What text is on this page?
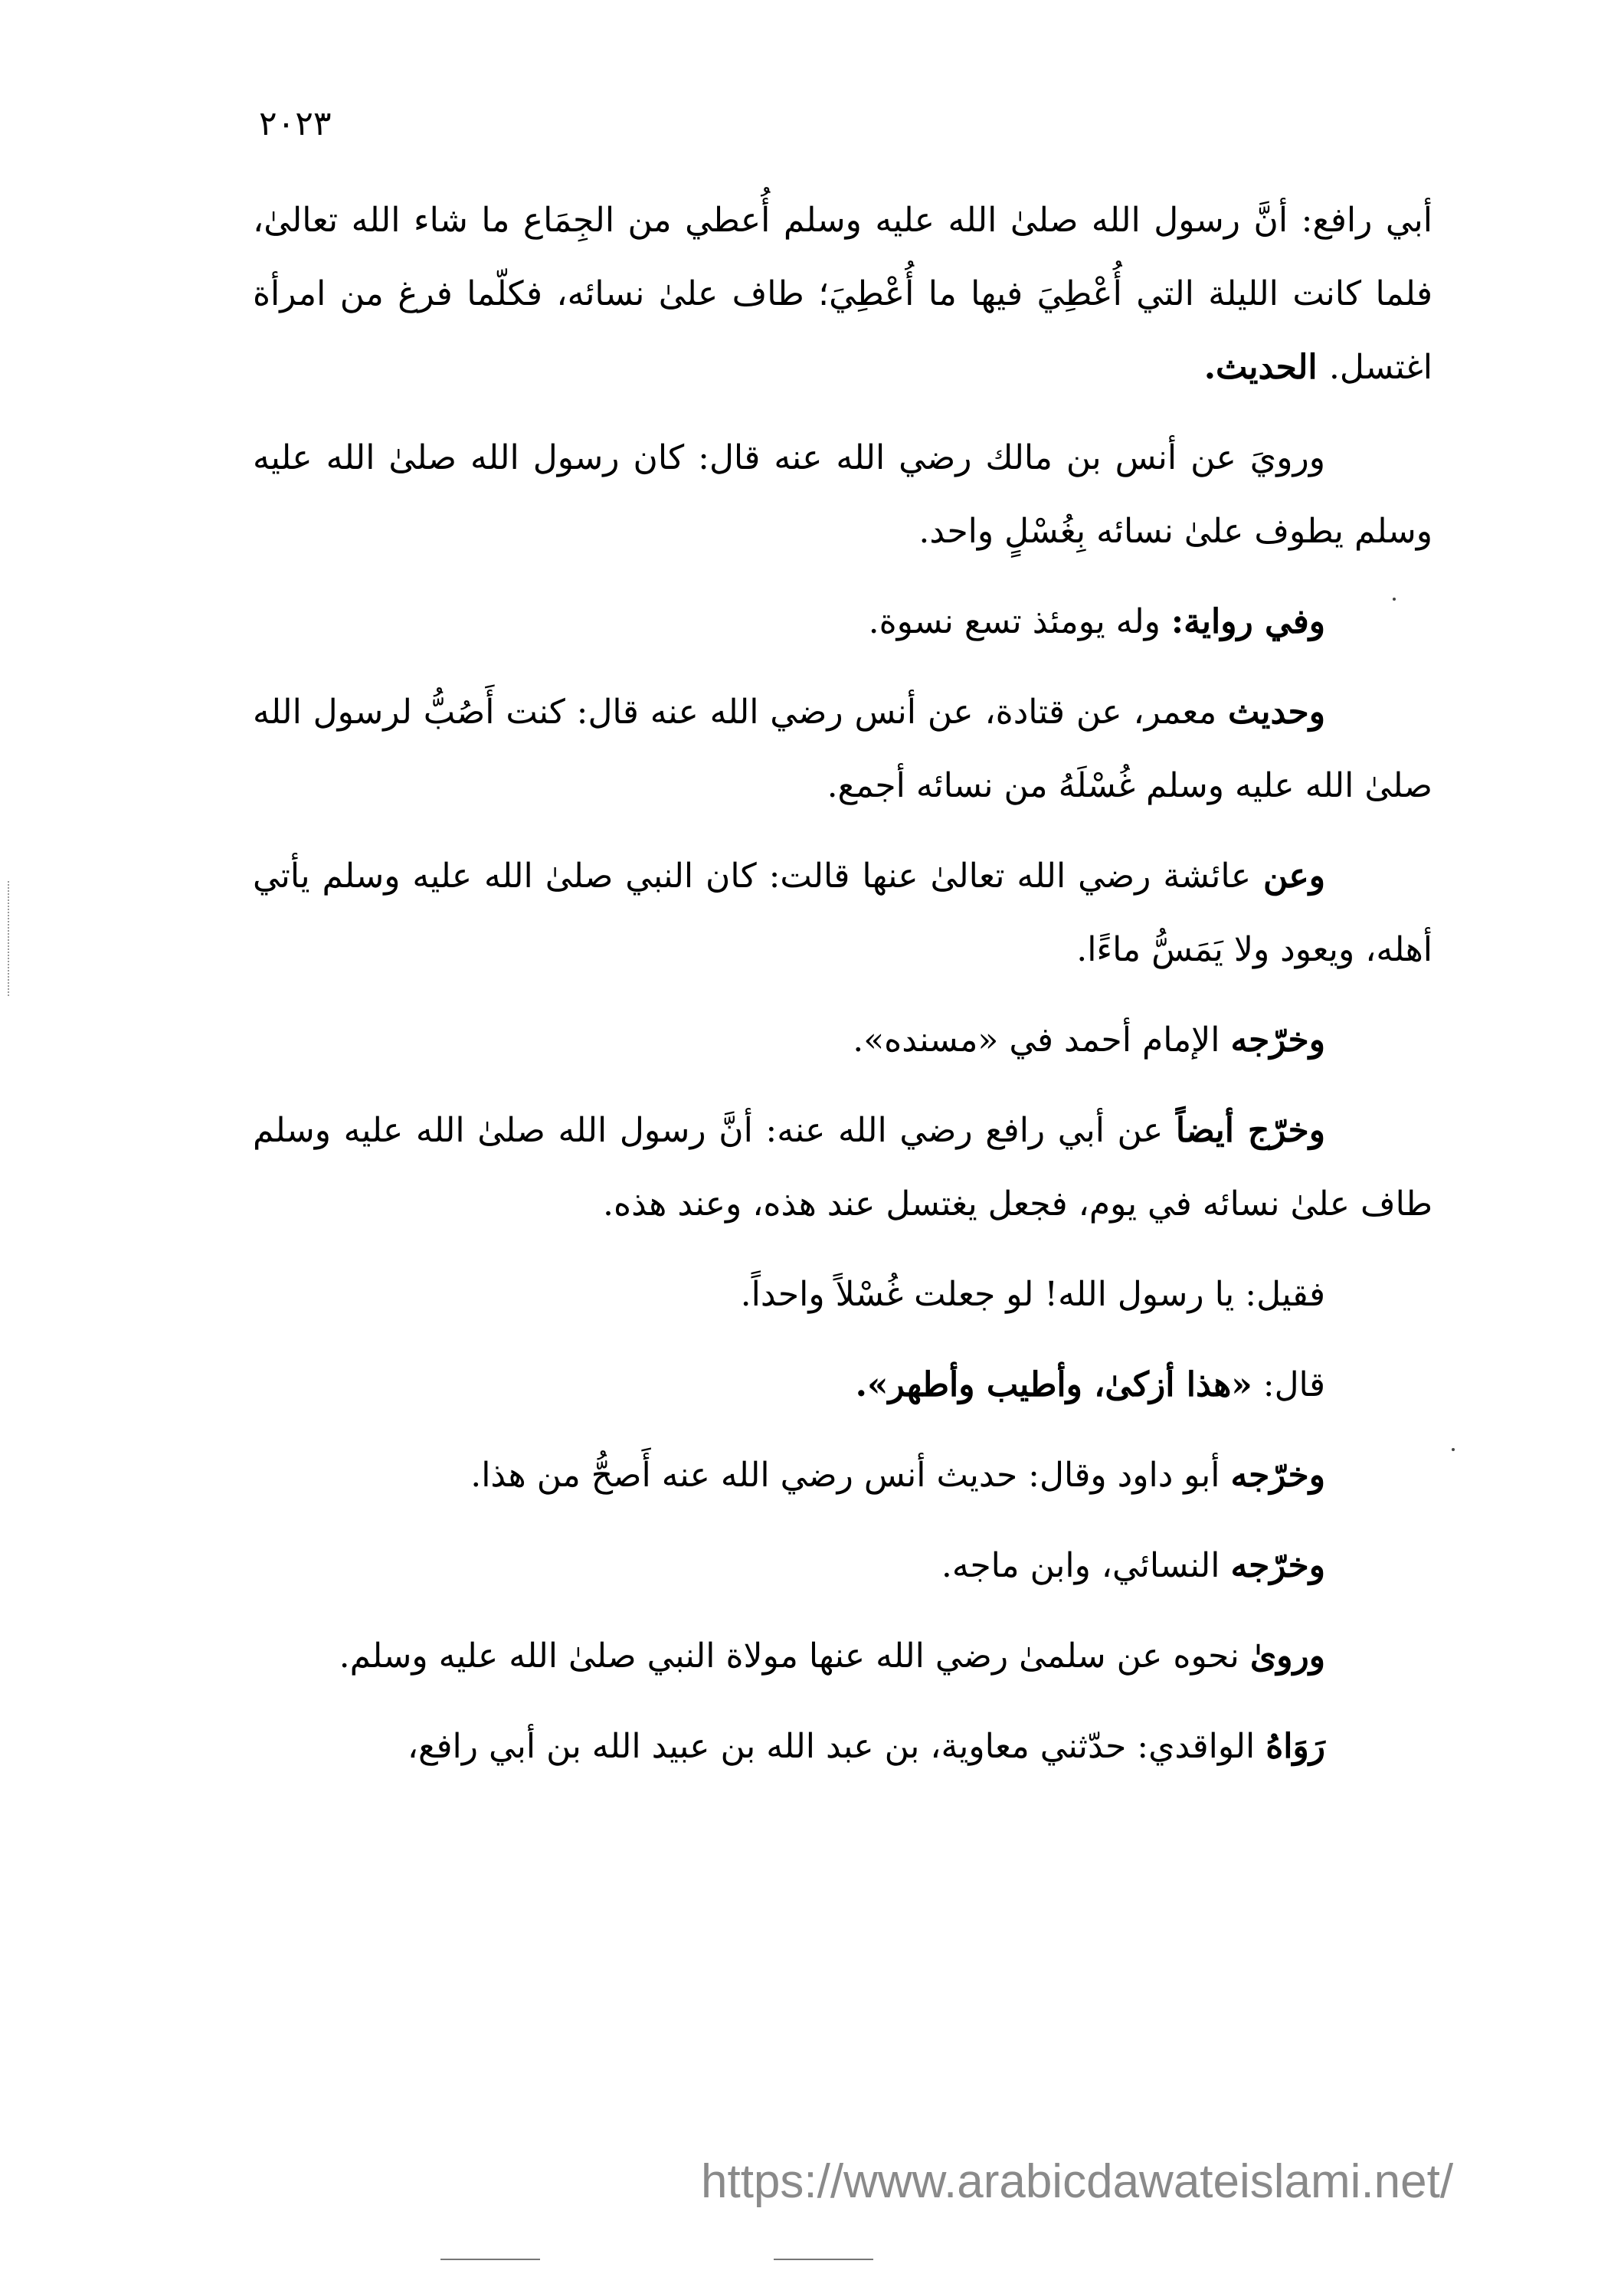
٢٠٢٣

أبي رافع: أنَّ رسول الله صلىٰ الله عليه وسلم أُعطي من الجِمَاع ما شاء الله تعالىٰ، فلما كانت الليلة التي أُعْطِيَ فيها ما أُعْطِيَ؛ طاف علىٰ نسائه، فكلّما فرغ من امرأة اغتسل. الحديث.

ورويَ عن أنس بن مالك رضي الله عنه قال: كان رسول الله صلىٰ الله عليه وسلم يطوف علىٰ نسائه بِغُسْلٍ واحد.

وفي رواية: وله يومئذ تسع نسوة.

وحديث معمر، عن قتادة، عن أنس رضي الله عنه قال: كنت أَصُبُّ لرسول الله صلىٰ الله عليه وسلم غُسْلَهُ من نسائه أجمع.

وعن عائشة رضي الله تعالىٰ عنها قالت: كان النبي صلىٰ الله عليه وسلم يأتي أهله، ويعود ولا يَمَسُّ ماءًا.

وخرّجه الإمام أحمد في «مسنده».

وخرّج أيضاً عن أبي رافع رضي الله عنه: أنَّ رسول الله صلىٰ الله عليه وسلم طاف علىٰ نسائه في يوم، فجعل يغتسل عند هذه، وعند هذه.

فقيل: يا رسول الله! لو جعلت غُسْلاً واحداً.

قال: «هذا أزكىٰ، وأطيب وأطهر».

وخرّجه أبو داود وقال: حديث أنس رضي الله عنه أَصحُّ من هذا.

وخرّجه النسائي، وابن ماجه.

ورویٰ نحوه عن سلمىٰ رضي الله عنها مولاة النبي صلىٰ الله عليه وسلم.

رَوَاهُ الواقدي: حدّثني معاوية، بن عبد الله بن عبيد الله بن أبي رافع،

https://www.arabicdawateislami.net/
